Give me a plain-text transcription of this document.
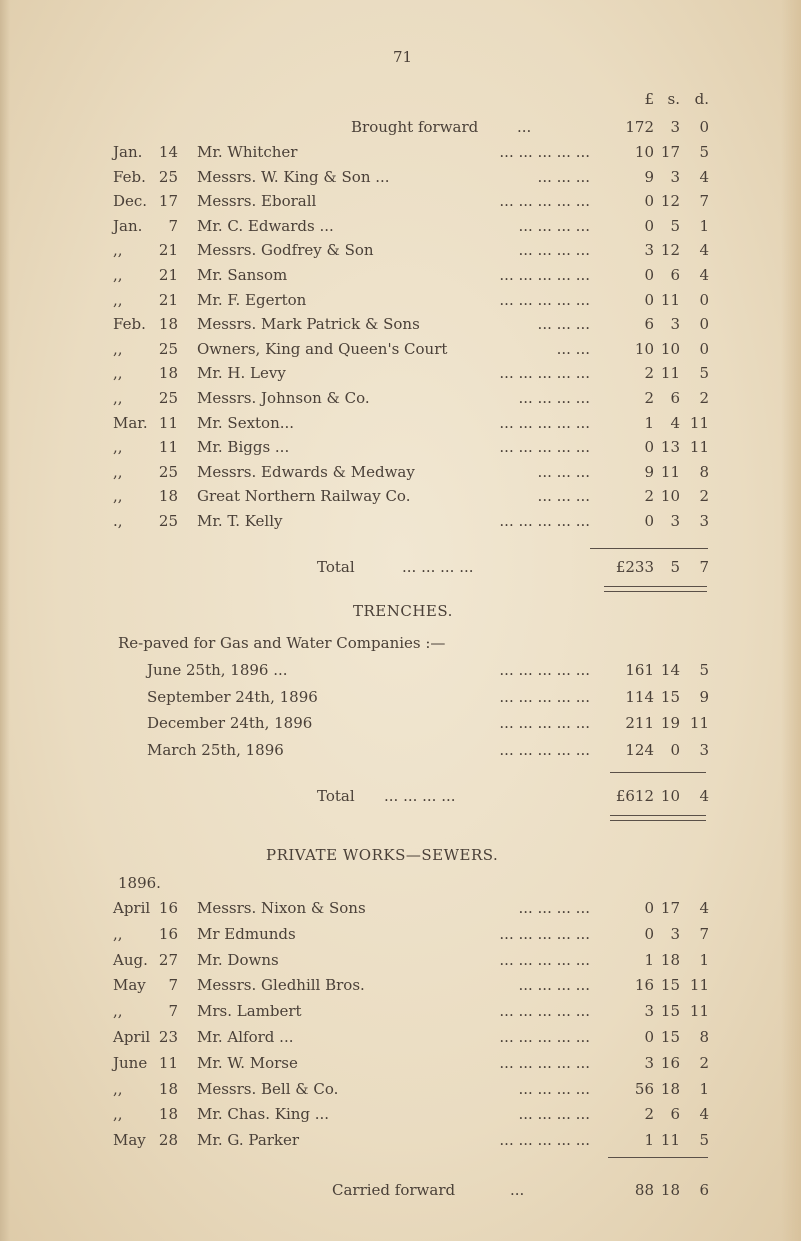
71
£ s. d.
Brought forward	...	172	3	0
Jan.	14 Mr. Whitcher	... ... ... ... ...	10 17	5
Feb. 25 Messrs. W. King & Son ...	... ... ...	9	3	4
Dec. 17 Messrs. Eborall	... ... ... ... ...	0 12	7
Jan.	7 Mr. C. Edwards ...	... ... ... ...	0	5	1
,,	21 Messrs. Godfrey & Son	... ... ... ...	3 12	4
,,	21 Mr. Sansom	... ... ... ... ...	0	6	4
,,	21 Mr. F. Egerton	... ... ... ... ...	0 11	0
Feb. 18 Messrs. Mark Patrick & Sons	... ... ...	6	3	0
,,	25 Owners, King and Queen's Court	... ...	10 10	0
,,	18 Mr. H. Levy	... ... ... ... ...	2 11	5
,,	25 Messrs. Johnson & Co.	... ... ... ...	2	6	2
Mar. 11 Mr. Sexton...	... ... ... ... ...	1	4 11
,,	11 Mr. Biggs ...	... ... ... ... ...	0 13 11
,,	25 Messrs. Edwards & Medway	... ... ...	9 11	8
,,	18 Great Northern Railway Co.	... ... ...	2 10	2
.,	25 Mr. T. Kelly	... ... ... ... ...	0	3	3
Total	... ... ... ...	£233	5	7
TRENCHES.
Re-paved for Gas and Water Companies :—
June 25th, 1896 ...	... ... ... ... ...	161 14	5
September 24th, 1896	... ... ... ... ...	114 15	9
December 24th, 1896	... ... ... ... ...	211 19 11
March 25th, 1896	... ... ... ... ...	124	0	3
Total ... ... ... ...	£612 10	4
PRIVATE WORKS—SEWERS.
1896.
April 16 Messrs. Nixon & Sons	... ... ... ...	0 17	4
,,	16 Mr Edmunds	... ... ... ... ...	0	3	7
Aug. 27 Mr. Downs	... ... ... ... ...	1 18	1
May	7 Messrs. Gledhill Bros.	... ... ... ...	16 15 11
,,	7 Mrs. Lambert	... ... ... ... ...	3 15 11
April 23 Mr. Alford ...	... ... ... ... ...	0 15	8
June 11 Mr. W. Morse	... ... ... ... ...	3 16	2
,,	18 Messrs. Bell & Co.	... ... ... ...	56 18	1
,,	18 Mr. Chas. King ...	... ... ... ...	2	6	4
May 28 Mr. G. Parker	... ... ... ... ...	1 11	5
Carried forward	...	88 18	6
